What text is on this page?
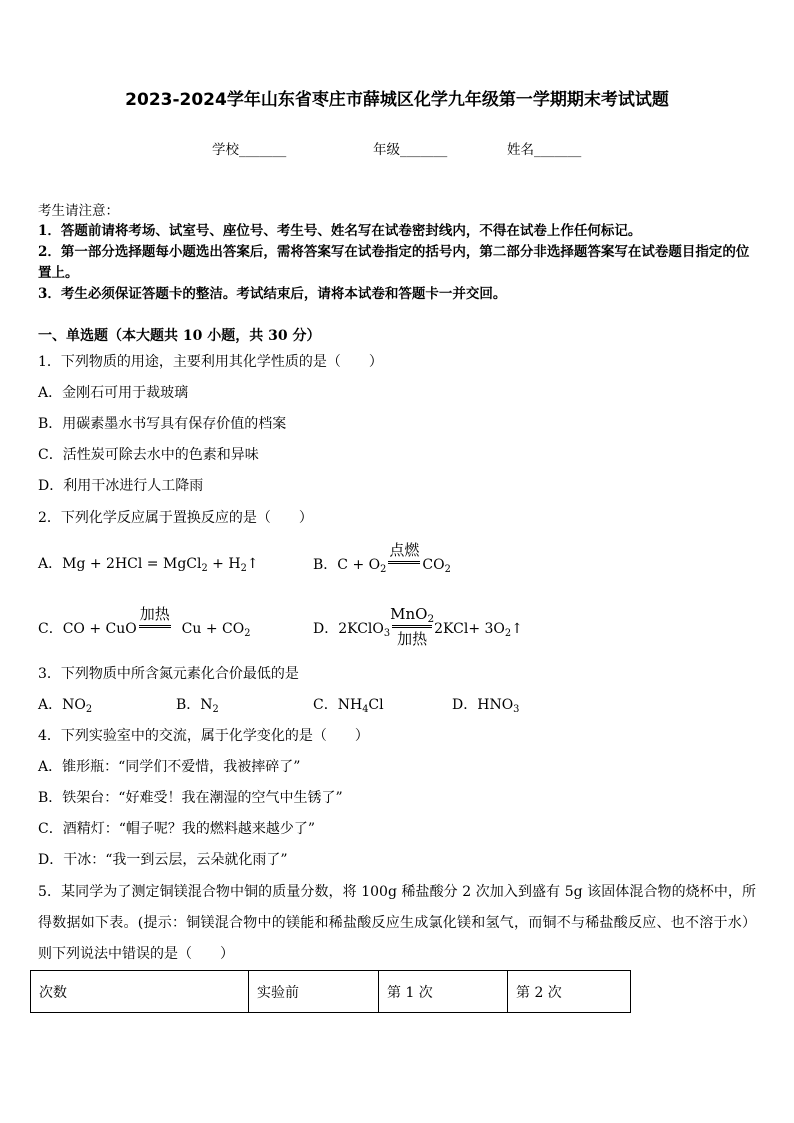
2023-2024学年山东省枣庄市薛城区化学九年级第一学期期末考试试题
学校_______	年级_______	姓名_______
考生请注意：
1．答题前请将考场、试室号、座位号、考生号、姓名写在试卷密封线内，不得在试卷上作任何标记。
2．第一部分选择题每小题选出答案后，需将答案写在试卷指定的括号内，第二部分非选择题答案写在试卷题目指定的位置上。
3．考生必须保证答题卡的整洁。考试结束后，请将本试卷和答题卡一并交回。
一、单选题（本大题共 10 小题，共 30 分）
1．下列物质的用途，主要利用其化学性质的是（　　）
A．金刚石可用于裁玻璃
B．用碳素墨水书写具有保存价值的档案
C．活性炭可除去水中的色素和异味
D．利用干冰进行人工降雨
2．下列化学反应属于置换反应的是（　　）
A．Mg + 2HCl = MgCl$_2$ + $H_2↑$	B．$C + O_2$
点燃
$CO_2$
C．CO + CuO
加热
$Cu + CO_2$	D．2KClO$_3$
MnO$_2$
加热
$2KCl+ 3O_2↑$
3．下列物质中所含氮元素化合价最低的是
A．$NO_2$	B．$N_2$	C．$NH_4Cl$	D．$HNO_3$
4．下列实验室中的交流，属于化学变化的是（　　）
A．锥形瓶：“同学们不爱惜，我被摔碎了”
B．铁架台：“好难受！我在潮湿的空气中生锈了”
C．酒精灯：“帽子呢？我的燃料越来越少了”
D．干冰：“我一到云层，云朵就化雨了”
5．某同学为了测定铜镁混合物中铜的质量分数，将 100g 稀盐酸分 2 次加入到盛有 5g 该固体混合物的烧杯中，所得数据如下表。(提示：铜镁混合物中的镁能和稀盐酸反应生成氯化镁和氢气，而铜不与稀盐酸反应、也不溶于水）则下列说法中错误的是（　　）
次数	实验前	第 1 次	第 2 次
